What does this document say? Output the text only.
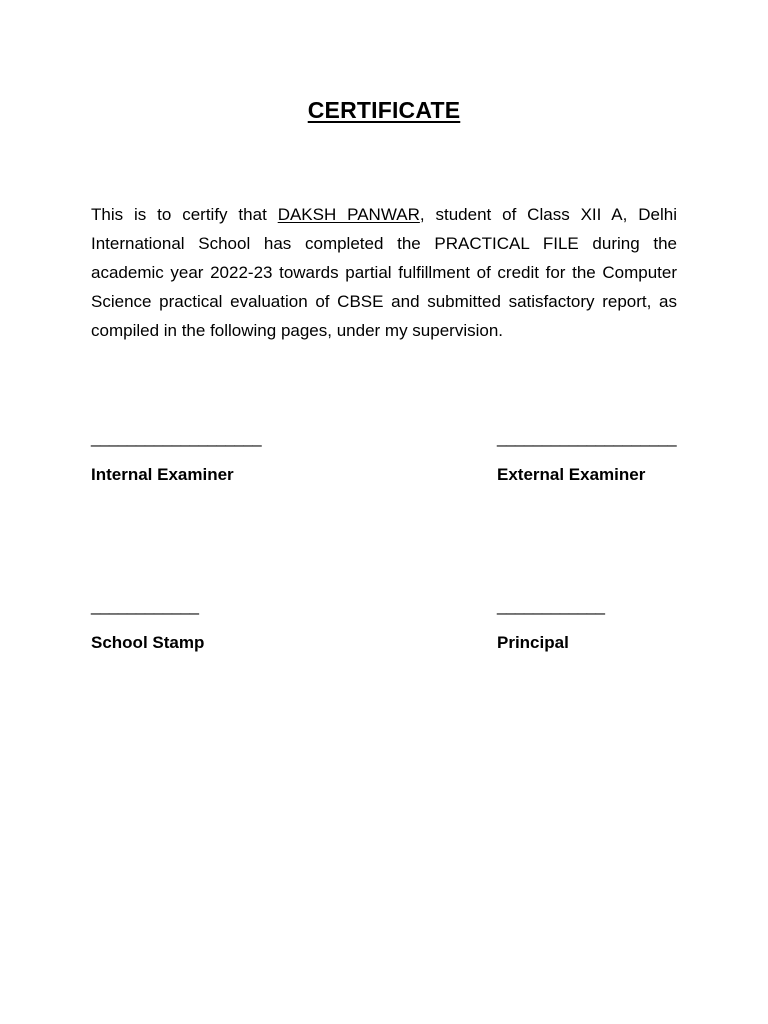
CERTIFICATE

This is to certify that DAKSH PANWAR, student of Class XII A, Delhi International School has completed the PRACTICAL FILE during the academic year 2022-23 towards partial fulfillment of credit for the Computer Science practical evaluation of CBSE and submitted satisfactory report, as compiled in the following pages, under my supervision.

___________________
Internal Examiner
____________________
External Examiner
____________
School Stamp
____________
Principal
